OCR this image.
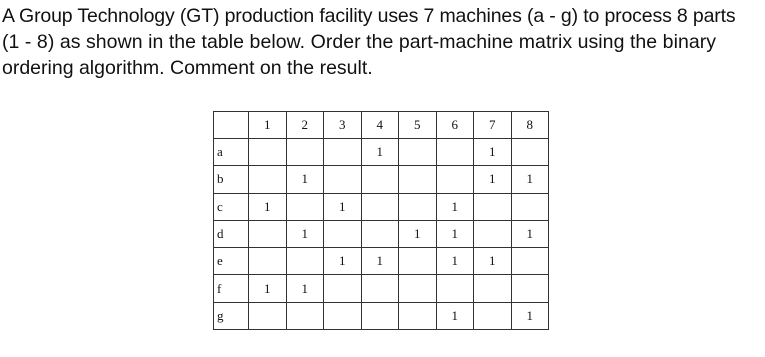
A Group Technology (GT) production facility uses 7 machines (a - g) to process 8 parts
(1 - 8) as shown in the table below. Order the part-machine matrix using the binary
ordering algorithm. Comment on the result.
	1	2	3	4	5	6	7	8
a				1			1	
b		1					1	1
c	1		1			1		
d		1			1	1		1
e			1	1		1	1	
f	1	1						
g						1		1
